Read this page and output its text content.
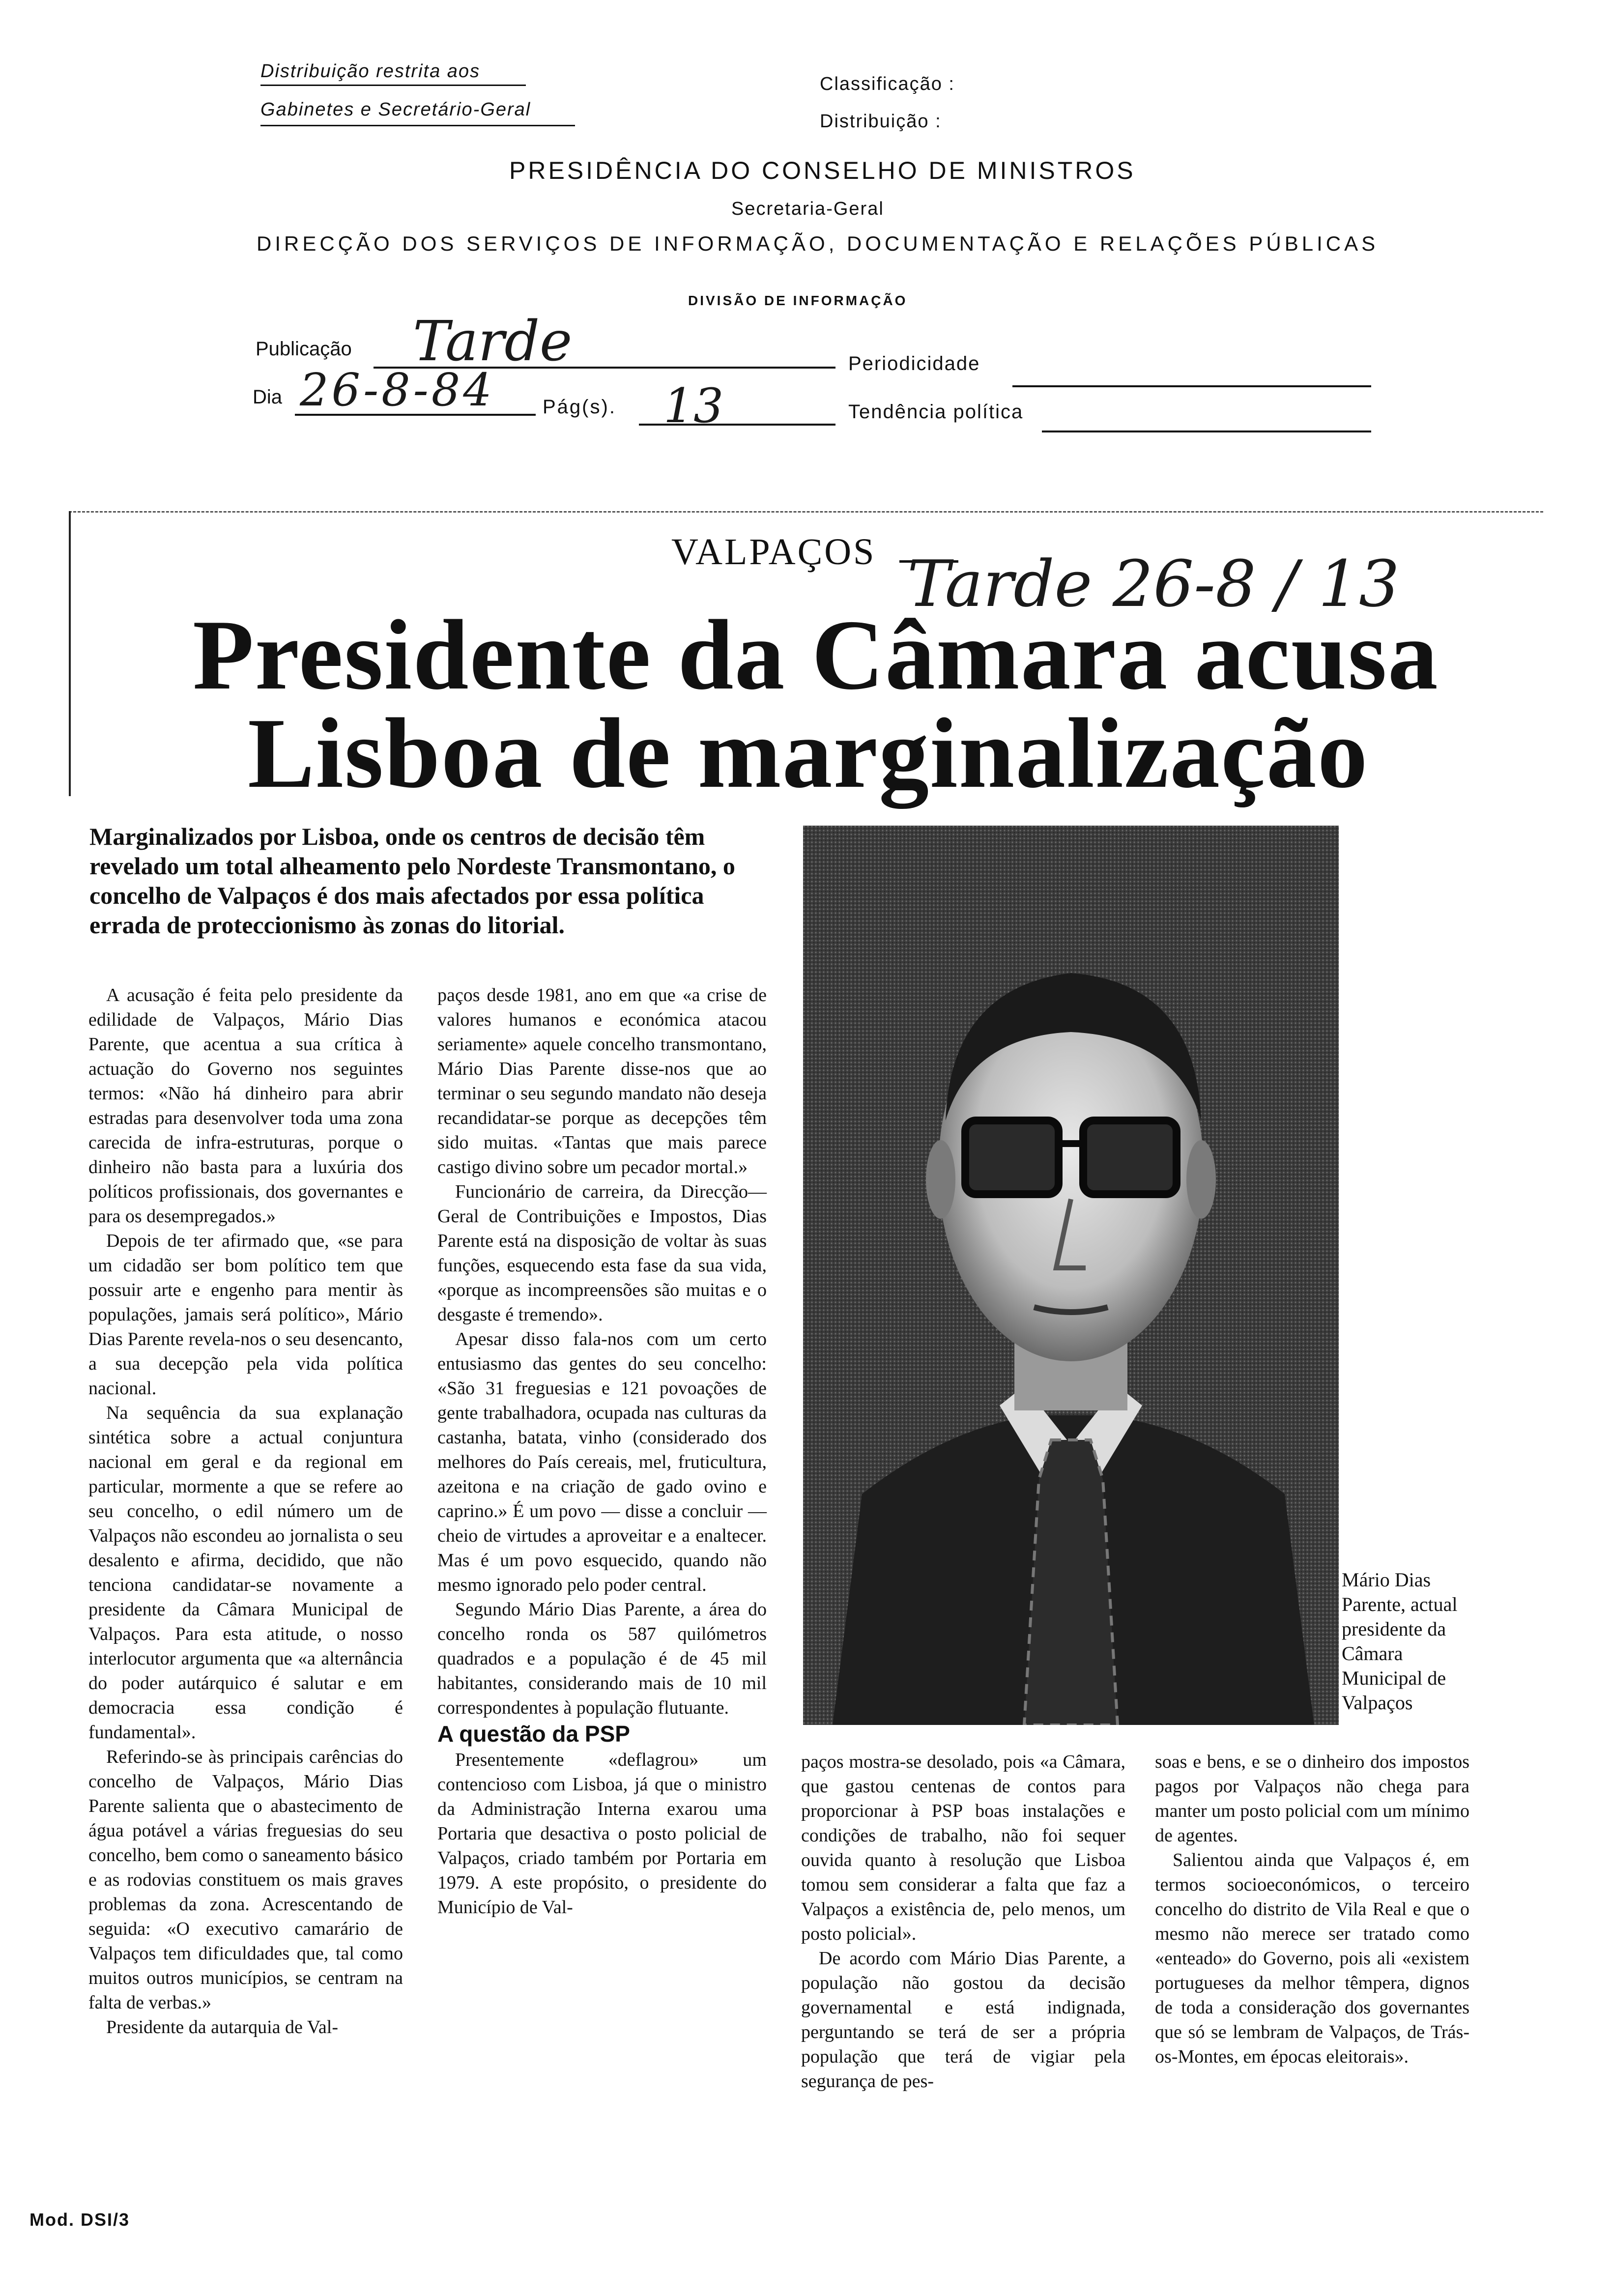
Distribuição restrita aos
Gabinetes e Secretário-Geral
Classificação :
Distribuição :
PRESIDÊNCIA DO CONSELHO DE MINISTROS
Secretaria-Geral
DIRECÇÃO DOS SERVIÇOS DE INFORMAÇÃO, DOCUMENTAÇÃO E RELAÇÕES PÚBLICAS
DIVISÃO DE INFORMAÇÃO
Publicação Tarde	Periodicidade
Dia 26-8-84 Pág(s). 13	Tendência política
VALPAÇOS Tarde 26-8 / 13
Presidente da Câmara acusa
Lisboa de marginalização
Marginalizados por Lisboa, onde os centros de decisão têm revelado um total alheamento pelo Nordeste Transmontano, o concelho de Valpaços é dos mais afectados por essa política errada de proteccionismo às zonas do litorial.
Mário Dias Parente, actual presidente da Câmara Municipal de Valpaços

A acusação é feita pelo presidente da edilidade de Valpaços, Mário Dias Parente, que acentua a sua crítica à actuação do Governo nos seguintes termos: «Não há dinheiro para abrir estradas para desenvolver toda uma zona carecida de infra-estruturas, porque o dinheiro não basta para a luxúria dos políticos profissionais, dos governantes e para os desempregados.»

Depois de ter afirmado que, «se para um cidadão ser bom político tem que possuir arte e engenho para mentir às populações, jamais será político», Mário Dias Parente revela-nos o seu desencanto, a sua decepção pela vida política nacional.

Na sequência da sua explanação sintética sobre a actual conjuntura nacional em geral e da regional em particular, mormente a que se refere ao seu concelho, o edil número um de Valpaços não escondeu ao jornalista o seu desalento e afirma, decidido, que não tenciona candidatar-se novamente a presidente da Câmara Municipal de Valpaços. Para esta atitude, o nosso interlocutor argumenta que «a alternância do poder autárquico é salutar e em democracia essa condição é fundamental».

Referindo-se às principais carências do concelho de Valpaços, Mário Dias Parente salienta que o abastecimento de água potável a várias freguesias do seu concelho, bem como o saneamento básico e as rodovias constituem os mais graves problemas da zona. Acrescentando de seguida: «O executivo camarário de Valpaços tem dificuldades que, tal como muitos outros municípios, se centram na falta de verbas.»

Presidente da autarquia de Val-

paços desde 1981, ano em que «a crise de valores humanos e económica atacou seriamente» aquele concelho transmontano, Mário Dias Parente disse-nos que ao terminar o seu segundo mandato não deseja recandidatar-se porque as decepções têm sido muitas. «Tantas que mais parece castigo divino sobre um pecador mortal.»

Funcionário de carreira, da Direcção—Geral de Contribuições e Impostos, Dias Parente está na disposição de voltar às suas funções, esquecendo esta fase da sua vida, «porque as incompreensões são muitas e o desgaste é tremendo».

Apesar disso fala-nos com um certo entusiasmo das gentes do seu concelho: «São 31 freguesias e 121 povoações de gente trabalhadora, ocupada nas culturas da castanha, batata, vinho (considerado dos melhores do País cereais, mel, fruticultura, azeitona e na criação de gado ovino e caprino.» É um povo — disse a concluir — cheio de virtudes a aproveitar e a enaltecer. Mas é um povo esquecido, quando não mesmo ignorado pelo poder central.

Segundo Mário Dias Parente, a área do concelho ronda os 587 quilómetros quadrados e a população é de 45 mil habitantes, considerando mais de 10 mil correspondentes à população flutuante.

A questão da PSP

Presentemente «deflagrou» um contencioso com Lisboa, já que o ministro da Administração Interna exarou uma Portaria que desactiva o posto policial de Valpaços, criado também por Portaria em 1979. A este propósito, o presidente do Município de Val-

paços mostra-se desolado, pois «a Câmara, que gastou centenas de contos para proporcionar à PSP boas instalações e condições de trabalho, não foi sequer ouvida quanto à resolução que Lisboa tomou sem considerar a falta que faz a Valpaços a existência de, pelo menos, um posto policial».

De acordo com Mário Dias Parente, a população não gostou da decisão governamental e está indignada, perguntando se terá de ser a própria população que terá de vigiar pela segurança de pes-

soas e bens, e se o dinheiro dos impostos pagos por Valpaços não chega para manter um posto policial com um mínimo de agentes.

Salientou ainda que Valpaços é, em termos socioeconómicos, o terceiro concelho do distrito de Vila Real e que o mesmo não merece ser tratado como «enteado» do Governo, pois ali «existem portugueses da melhor têmpera, dignos de toda a consideração dos governantes que só se lembram de Valpaços, de Trás-os-Montes, em épocas eleitorais».

Mod. DSI/3
